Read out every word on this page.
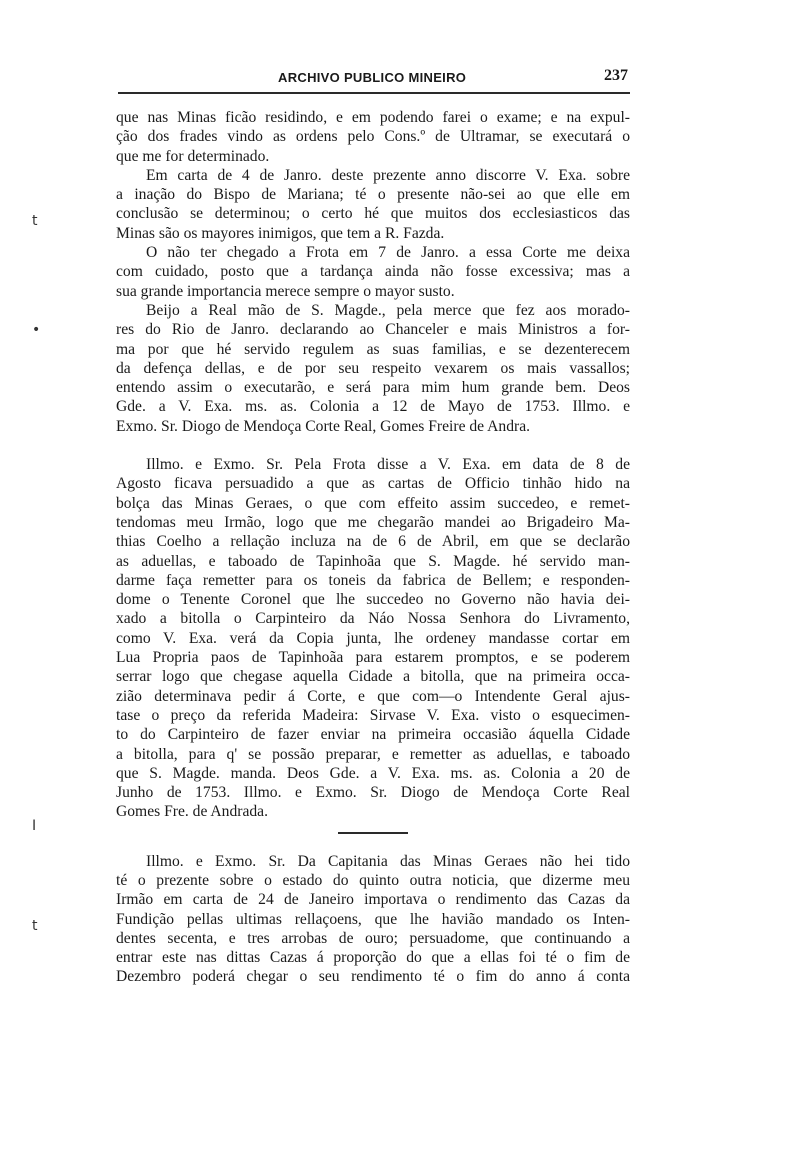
ARCHIVO PUBLICO MINEIRO	237
t
•
I
t

que nas Minas ficão residindo, e em podendo farei o exame; e na expul-
ção dos frades vindo as ordens pelo Cons.º de Ultramar, se executará o
que me for determinado.

Em carta de 4 de Janro. deste prezente anno discorre V. Exa. sobre
a inação do Bispo de Mariana; té o presente não-sei ao que elle em
conclusão se determinou; o certo hé que muitos dos ecclesiasticos das
Minas são os mayores inimigos, que tem a R. Fazda.

O não ter chegado a Frota em 7 de Janro. a essa Corte me deixa
com cuidado, posto que a tardança ainda não fosse excessiva; mas a
sua grande importancia merece sempre o mayor susto.

Beijo a Real mão de S. Magde., pela merce que fez aos morado-
res do Rio de Janro. declarando ao Chanceler e mais Ministros a for-
ma por que hé servido regulem as suas familias, e se dezenterecem
da defença dellas, e de por seu respeito vexarem os mais vassallos;
entendo assim o executarão, e será para mim hum grande bem. Deos
Gde. a V. Exa. ms. as. Colonia a 12 de Mayo de 1753. Illmo. e
Exmo. Sr. Diogo de Mendoça Corte Real, Gomes Freire de Andra.

Illmo. e Exmo. Sr. Pela Frota disse a V. Exa. em data de 8 de
Agosto ficava persuadido a que as cartas de Officio tinhão hido na
bolça das Minas Geraes, o que com effeito assim succedeo, e remet-
tendomas meu Irmão, logo que me chegarão mandei ao Brigadeiro Ma-
thias Coelho a rellação incluza na de 6 de Abril, em que se declarão
as aduellas, e taboado de Tapinhoãa que S. Magde. hé servido man-
darme faça remetter para os toneis da fabrica de Bellem; e responden-
dome o Tenente Coronel que lhe succedeo no Governo não havia dei-
xado a bitolla o Carpinteiro da Náo Nossa Senhora do Livramento,
como V. Exa. verá da Copia junta, lhe ordeney mandasse cortar em
Lua Propria paos de Tapinhoãa para estarem promptos, e se poderem
serrar logo que chegase aquella Cidade a bitolla, que na primeira occa-
zião determinava pedir á Corte, e que com—o Intendente Geral ajus-
tase o preço da referida Madeira: Sirvase V. Exa. visto o esquecimen-
to do Carpinteiro de fazer enviar na primeira occasião áquella Cidade
a bitolla, para q' se possão preparar, e remetter as aduellas, e taboado
que S. Magde. manda. Deos Gde. a V. Exa. ms. as. Colonia a 20 de
Junho de 1753. Illmo. e Exmo. Sr. Diogo de Mendoça Corte Real
Gomes Fre. de Andrada.

Illmo. e Exmo. Sr. Da Capitania das Minas Geraes não hei tido
té o prezente sobre o estado do quinto outra noticia, que dizerme meu
Irmão em carta de 24 de Janeiro importava o rendimento das Cazas da
Fundição pellas ultimas rellaçoens, que lhe havião mandado os Inten-
dentes secenta, e tres arrobas de ouro; persuadome, que continuando a
entrar este nas dittas Cazas á proporção do que a ellas foi té o fim de
Dezembro poderá chegar o seu rendimento té o fim do anno á conta
